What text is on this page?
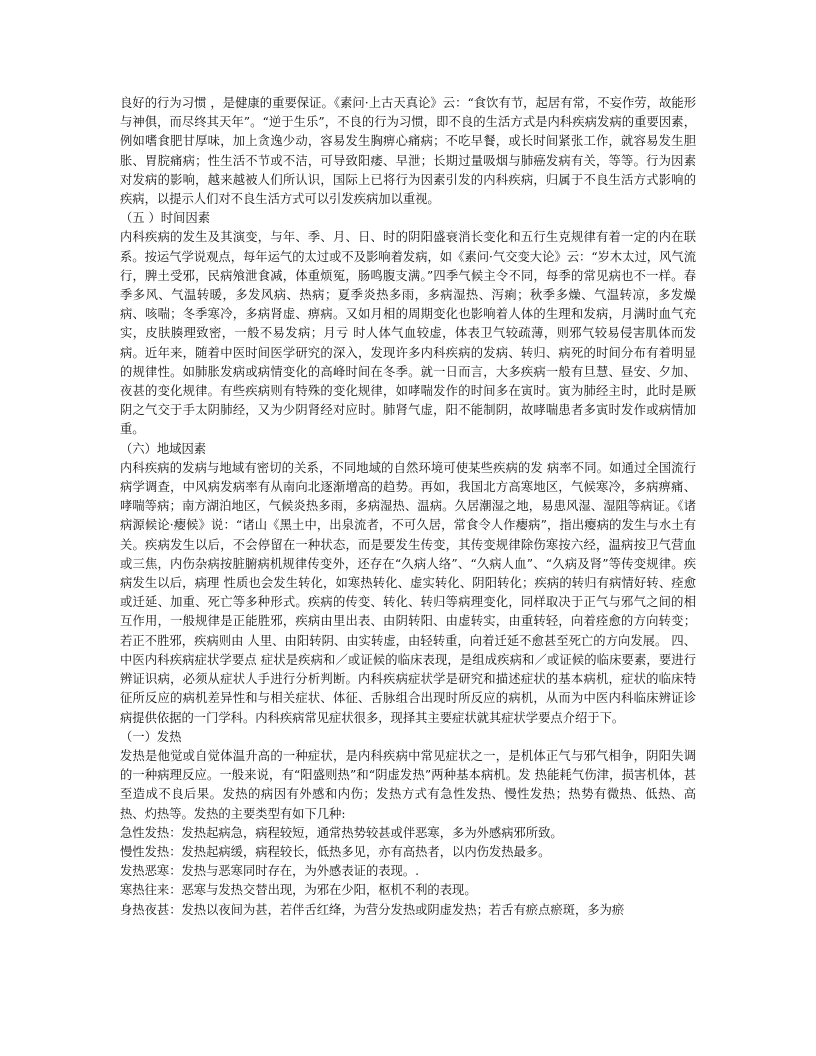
良好的行为习惯 ，是健康的重要保证。《素问·上古天真论》云：“食饮有节，起居有常，不妄作劳，故能形与神俱，而尽终其天年”。“逆于生乐”，不良的行为习惯，即不良的生活方式是内科疾病发病的重要因素，例如嗜食肥甘厚味，加上贪逸少动，容易发生胸痹心痛病；不吃早餐，或长时间紧张工作，就容易发生胆胀、胃脘痛病；性生活不节或不洁，可导致阳痿、早泄；长期过量吸烟与肺癌发病有关，等等。行为因素对发病的影响，越来越被人们所认识，国际上已将行为因素引发的内科疾病，归属于不良生活方式影响的疾病，以提示人们对不良生活方式可以引发疾病加以重视。

（五 ）时间因素

内科疾病的发生及其演变，与年、季、月、日、时的阴阳盛衰消长变化和五行生克规律有着一定的内在联系。按运气学说观点，每年运气的太过或不及影响着发病，如《素问·气交变大论》云：“岁木太过，风气流行，脾土受邪，民病飧泄食减，体重烦冤，肠鸣腹支满。”四季气候主令不同，每季的常见病也不一样。春季多风、气温转暖，多发风病、热病；夏季炎热多雨，多病湿热、泻痢；秋季多燥、气温转凉，多发燥病、咳喘；冬季寒冷，多病肾虚、痹病。又如月相的周期变化也影响着人体的生理和发病，月满时血气充实，皮肤腠理致密，一般不易发病；月亏 时人体气血较虚，体表卫气较疏薄，则邪气较易侵害肌体而发病。近年来，随着中医时间医学研究的深入，发现许多内科疾病的发病、转归、病死的时间分布有着明显的规律性。如肺胀发病或病情变化的高峰时间在冬季。就一日而言，大多疾病一般有旦慧、昼安、夕加、夜甚的变化规律。有些疾病则有特殊的变化规律，如哮喘发作的时间多在寅时。寅为肺经主时，此时是厥阴之气交于手太阴肺经，又为少阴肾经对应时。肺肾气虚，阳不能制阴，故哮喘患者多寅时发作或病情加重。

（六）地域因素

内科疾病的发病与地域有密切的关系，不同地域的自然环境可使某些疾病的发 病率不同。如通过全国流行病学调查，中风病发病率有从南向北逐渐增高的趋势。再如，我国北方高寒地区，气候寒冷，多病痹痛、哮喘等病；南方湖泊地区，气候炎热多雨，多病湿热、温病。久居潮湿之地，易患风湿、湿阻等病证。《诸病源候论·瘿候》说：“诸山《黑土中，出泉流者，不可久居，常食令人作瘿病”，指出瘿病的发生与水土有关。疾病发生以后，不会停留在一种状态，而是要发生传变，其传变规律除伤寒按六经，温病按卫气营血或三焦，内伤杂病按脏腑病机规律传变外，还存在“久病人络”、“久病人血”、“久病及肾”等传变规律。疾病发生以后，病理 性质也会发生转化，如寒热转化、虚实转化、阴阳转化；疾病的转归有病情好转、痊愈或迁延、加重、死亡等多种形式。疾病的传变、转化、转归等病理变化，同样取决于正气与邪气之间的相互作用，一般规律是正能胜邪，疾病由里出表、由阴转阳、由虚转实，由重转轻，向着痊愈的方向转变；若正不胜邪，疾病则由 人里、由阳转阴、由实转虚，由轻转重，向着迁延不愈甚至死亡的方向发展。 四、中医内科疾病症状学要点 症状是疾病和／或证候的临床表现，是组成疾病和／或证候的临床要素，要进行辨证识病，必须从症状人手进行分析判断。内科疾病症状学是研究和描述症状的基本病机，症状的临床特征所反应的病机差异性和与相关症状、体征、舌脉组合出现时所反应的病机，从而为中医内科临床辨证诊病提供依据的一门学科。内科疾病常见症状很多，现择其主要症状就其症状学要点介绍于下。

（一）发热

发热是他觉或自觉体温升高的一种症状，是内科疾病中常见症状之一，是机体正气与邪气相争，阴阳失调的一种病理反应。一般来说，有“阳盛则热”和“阴虚发热”两种基本病机。发 热能耗气伤津，损害机体，甚至造成不良后果。发热的病因有外感和内伤；发热方式有急性发热、慢性发热；热势有微热、低热、高热、灼热等。发热的主要类型有如下几种:

急性发热：发热起病急，病程较短，通常热势较甚或伴恶寒，多为外感病邪所致。

慢性发热：发热起病缓，病程较长，低热多见，亦有高热者，以内伤发热最多。

发热恶寒：发热与恶寒同时存在，为外感表证的表现。.

寒热往来：恶寒与发热交替出现，为邪在少阳，枢机不利的表现。

身热夜甚：发热以夜间为甚，若伴舌红绛，为营分发热或阴虚发热；若舌有瘀点瘀斑，多为瘀
